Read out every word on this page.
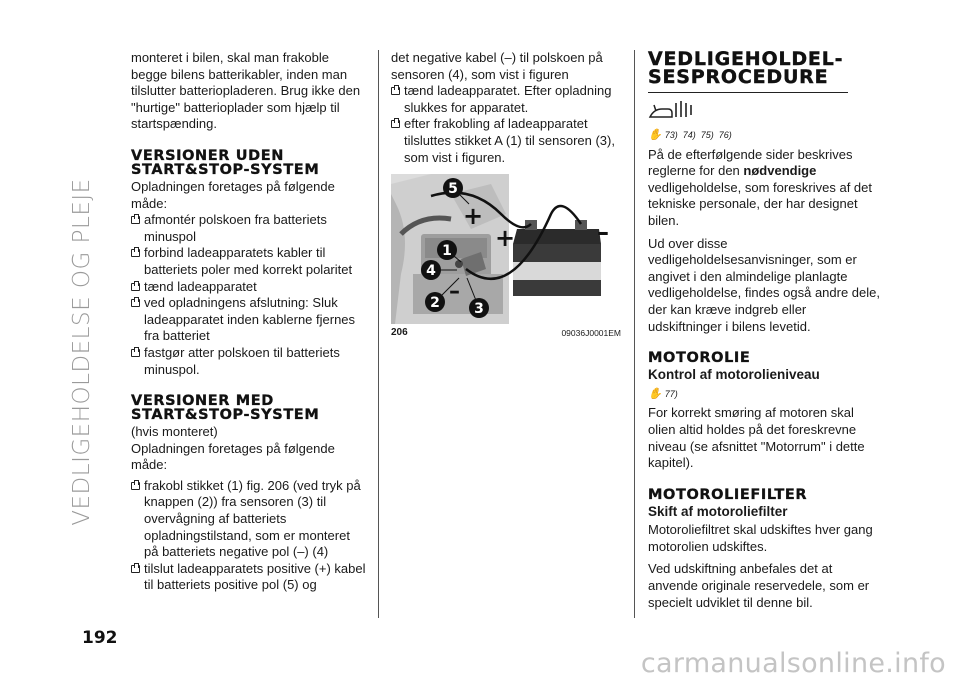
VEDLIGEHOLDELSE OG PLEJE
192

monteret i bilen, skal man frakoble begge bilens batterikabler, inden man tilslutter batteriopladeren. Brug ikke den "hurtige" batterioplader som hjælp til startspænding.

VERSIONER UDEN START&STOP-SYSTEM

Opladningen foretages på følgende måde:

afmontér polskoen fra batteriets minuspol
forbind ladeapparatets kabler til batteriets poler med korrekt polaritet
tænd ladeapparatet
ved opladningens afslutning: Sluk ladeapparatet inden kablerne fjernes fra batteriet
fastgør atter polskoen til batteriets minuspol.
VERSIONER MED START&STOP-SYSTEM

(hvis monteret)

Opladningen foretages på følgende måde:

frakobl stikket (1) fig. 206 (ved tryk på knappen (2)) fra sensoren (3) til overvågning af batteriets opladningstilstand, som er monteret på batteriets negative pol (–) (4)
tilslut ladeapparatets positive (+) kabel til batteriets positive pol (5) og

det negative kabel (–) til polskoen på sensoren (4), som vist i figuren

tænd ladeapparatet. Efter opladning slukkes for apparatet.
efter frakobling af ladeapparatet tilsluttes stikket A (1) til sensoren (3), som vist i figuren.
+
+	–
–
5
1
4
2 3
206	09036J0001EM
VEDLIGEHOLDEL-SESPROCEDURE
✋ 73) 74) 75) 76)

På de efterfølgende sider beskrives reglerne for den nødvendige vedligeholdelse, som foreskrives af det tekniske personale, der har designet bilen.

Ud over disse vedligeholdelsesanvisninger, som er angivet i den almindelige planlagte vedligeholdelse, findes også andre dele, der kan kræve indgreb eller udskiftninger i bilens levetid.

MOTOROLIE
Kontrol af motorolieniveau
✋ 77)

For korrekt smøring af motoren skal olien altid holdes på det foreskrevne niveau (se afsnittet "Motorrum" i dette kapitel).

MOTOROLIEFILTER
Skift af motoroliefilter

Motoroliefiltret skal udskiftes hver gang motorolien udskiftes.

Ved udskiftning anbefales det at anvende originale reservedele, som er specielt udviklet til denne bil.

carmanualsonline.info
